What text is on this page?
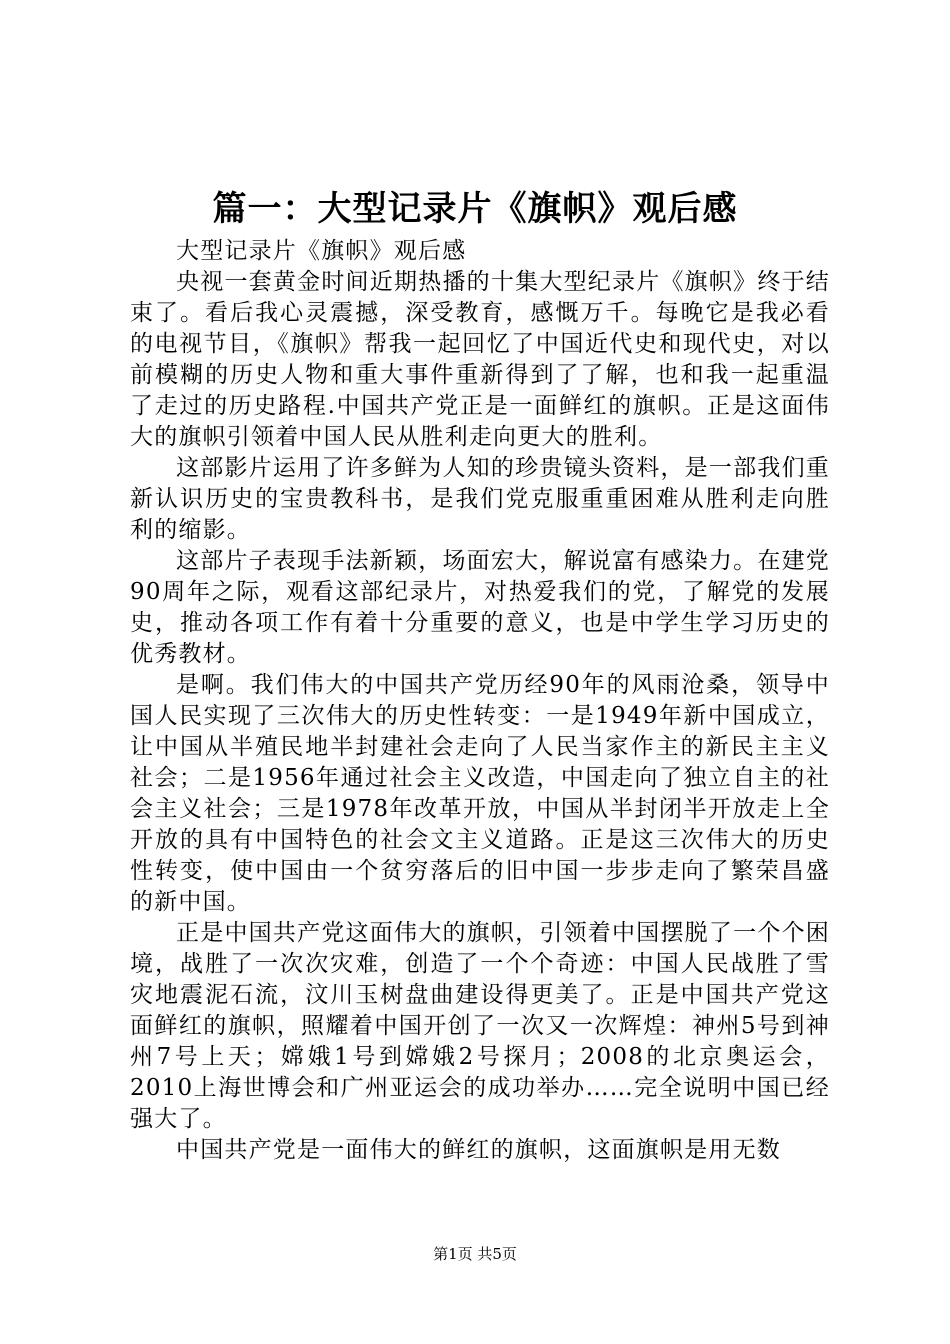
篇一：大型记录片《旗帜》观后感

大型记录片《旗帜》观后感

央视一套黄金时间近期热播的十集大型纪录片《旗帜》终于结束了。看后我心灵震撼，深受教育，感慨万千。每晚它是我必看的电视节目，《旗帜》帮我一起回忆了中国近代史和现代史，对以前模糊的历史人物和重大事件重新得到了了解，也和我一起重温了走过的历史路程.中国共产党正是一面鲜红的旗帜。正是这面伟大的旗帜引领着中国人民从胜利走向更大的胜利。

这部影片运用了许多鲜为人知的珍贵镜头资料，是一部我们重新认识历史的宝贵教科书，是我们党克服重重困难从胜利走向胜利的缩影。

这部片子表现手法新颖，场面宏大，解说富有感染力。在建党90周年之际，观看这部纪录片，对热爱我们的党，了解党的发展史，推动各项工作有着十分重要的意义，也是中学生学习历史的优秀教材。

是啊。我们伟大的中国共产党历经90年的风雨沧桑，领导中国人民实现了三次伟大的历史性转变：一是1949年新中国成立，让中国从半殖民地半封建社会走向了人民当家作主的新民主主义社会；二是1956年通过社会主义改造，中国走向了独立自主的社会主义社会；三是1978年改革开放，中国从半封闭半开放走上全开放的具有中国特色的社会文主义道路。正是这三次伟大的历史性转变，使中国由一个贫穷落后的旧中国一步步走向了繁荣昌盛的新中国。

正是中国共产党这面伟大的旗帜，引领着中国摆脱了一个个困境，战胜了一次次灾难，创造了一个个奇迹：中国人民战胜了雪灾地震泥石流，汶川玉树盘曲建设得更美了。正是中国共产党这面鲜红的旗帜，照耀着中国开创了一次又一次辉煌：神州5号到神州7号上天；嫦娥1号到嫦娥2号探月；2008的北京奥运会，2010上海世博会和广州亚运会的成功举办……完全说明中国已经强大了。

中国共产党是一面伟大的鲜红的旗帜，这面旗帜是用无数

第1页 共5页
